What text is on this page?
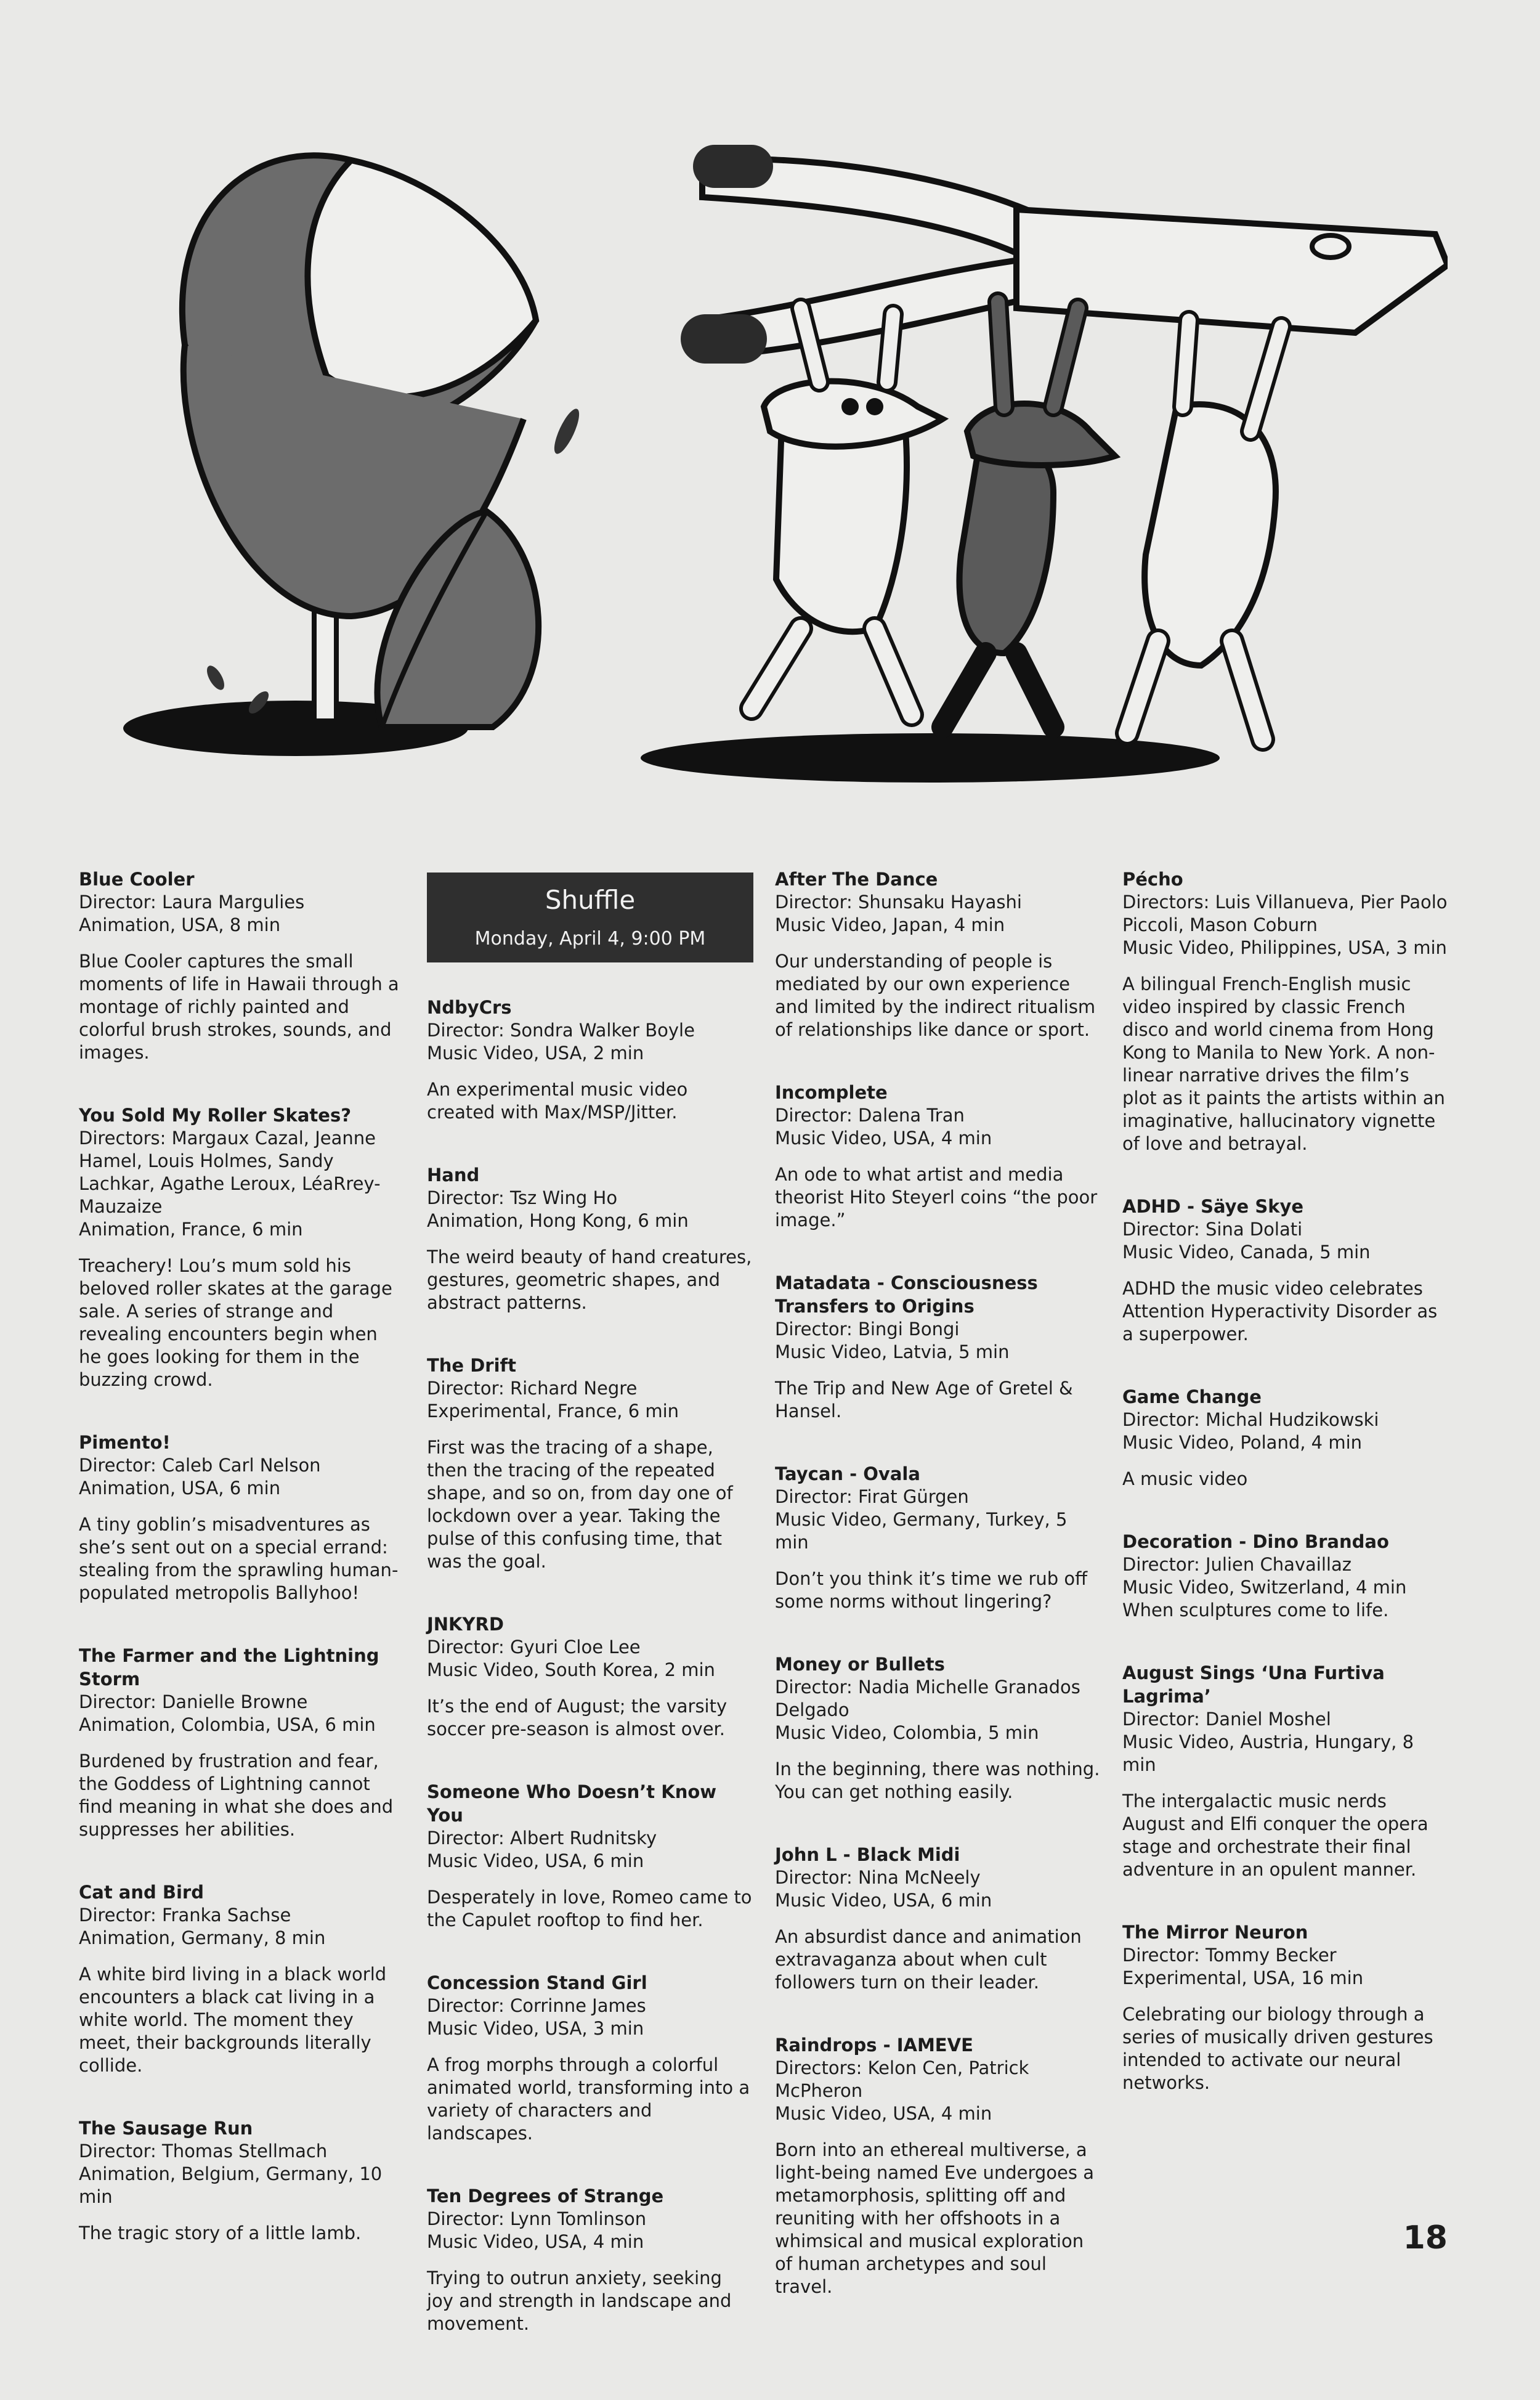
Blue Cooler
Director: Laura Margulies
Animation, USA, 8 min
Blue Cooler captures the small moments of life in Hawaii through a montage of richly painted and colorful brush strokes, sounds, and images.
You Sold My Roller Skates?
Directors: Margaux Cazal, Jeanne Hamel, Louis Holmes, Sandy Lachkar, Agathe Leroux, LéaRrey-Mauzaize
Animation, France, 6 min
Treachery! Lou’s mum sold his beloved roller skates at the garage sale. A series of strange and revealing encounters begin when he goes looking for them in the buzzing crowd.
Pimento!
Director: Caleb Carl Nelson
Animation, USA, 6 min
A tiny goblin’s misadventures as she’s sent out on a special errand: stealing from the sprawling human-populated metropolis Ballyhoo!
The Farmer and the Lightning Storm
Director: Danielle Browne
Animation, Colombia, USA, 6 min
Burdened by frustration and fear, the Goddess of Lightning cannot find meaning in what she does and suppresses her abilities.
Cat and Bird
Director: Franka Sachse
Animation, Germany, 8 min
A white bird living in a black world encounters a black cat living in a white world. The moment they meet, their backgrounds literally collide.
The Sausage Run
Director: Thomas Stellmach
Animation, Belgium, Germany, 10 min
The tragic story of a little lamb.
Shuffle
Monday, April 4, 9:00 PM
NdbyCrs
Director: Sondra Walker Boyle
Music Video, USA, 2 min
An experimental music video created with Max/MSP/Jitter.
Hand
Director: Tsz Wing Ho
Animation, Hong Kong, 6 min
The weird beauty of hand creatures, gestures, geometric shapes, and abstract patterns.
The Drift
Director: Richard Negre
Experimental, France, 6 min
First was the tracing of a shape, then the tracing of the repeated shape, and so on, from day one of lockdown over a year. Taking the pulse of this confusing time, that was the goal.
JNKYRD
Director: Gyuri Cloe Lee
Music Video, South Korea, 2 min
It’s the end of August; the varsity soccer pre-season is almost over.
Someone Who Doesn’t Know You
Director: Albert Rudnitsky
Music Video, USA, 6 min
Desperately in love, Romeo came to the Capulet rooftop to find her.
Concession Stand Girl
Director: Corrinne James
Music Video, USA, 3 min
A frog morphs through a colorful animated world, transforming into a variety of characters and landscapes.
Ten Degrees of Strange
Director: Lynn Tomlinson
Music Video, USA, 4 min
Trying to outrun anxiety, seeking joy and strength in landscape and movement.
After The Dance
Director: Shunsaku Hayashi
Music Video, Japan, 4 min
Our understanding of people is mediated by our own experience and limited by the indirect ritualism of relationships like dance or sport.
Incomplete
Director: Dalena Tran
Music Video, USA, 4 min
An ode to what artist and media theorist Hito Steyerl coins “the poor image.”
Matadata - Consciousness Transfers to Origins
Director: Bingi Bongi
Music Video, Latvia, 5 min
The Trip and New Age of Gretel & Hansel.
Taycan - Ovala
Director: Firat Gürgen
Music Video, Germany, Turkey, 5 min
Don’t you think it’s time we rub off some norms without lingering?
Money or Bullets
Director: Nadia Michelle Granados Delgado
Music Video, Colombia, 5 min
In the beginning, there was nothing. You can get nothing easily.
John L - Black Midi
Director: Nina McNeely
Music Video, USA, 6 min
An absurdist dance and animation extravaganza about when cult followers turn on their leader.
Raindrops - IAMEVE
Directors: Kelon Cen, Patrick McPheron
Music Video, USA, 4 min
Born into an ethereal multiverse, a light-being named Eve undergoes a metamorphosis, splitting off and reuniting with her offshoots in a whimsical and musical exploration of human archetypes and soul travel.
Pécho
Directors: Luis Villanueva, Pier Paolo Piccoli, Mason Coburn
Music Video, Philippines, USA, 3 min
A bilingual French-English music video inspired by classic French disco and world cinema from Hong Kong to Manila to New York. A non-linear narrative drives the film’s plot as it paints the artists within an imaginative, hallucinatory vignette of love and betrayal.
ADHD - Säye Skye
Director: Sina Dolati
Music Video, Canada, 5 min
ADHD the music video celebrates Attention Hyperactivity Disorder as a superpower.
Game Change
Director: Michal Hudzikowski
Music Video, Poland, 4 min
A music video
Decoration - Dino Brandao
Director: Julien Chavaillaz
Music Video, Switzerland, 4 min
When sculptures come to life.
August Sings ‘Una Furtiva Lagrima’
Director: Daniel Moshel
Music Video, Austria, Hungary, 8 min
The intergalactic music nerds August and Elfi conquer the opera stage and orchestrate their final adventure in an opulent manner.
The Mirror Neuron
Director: Tommy Becker
Experimental, USA, 16 min
Celebrating our biology through a series of musically driven gestures intended to activate our neural networks.
18
